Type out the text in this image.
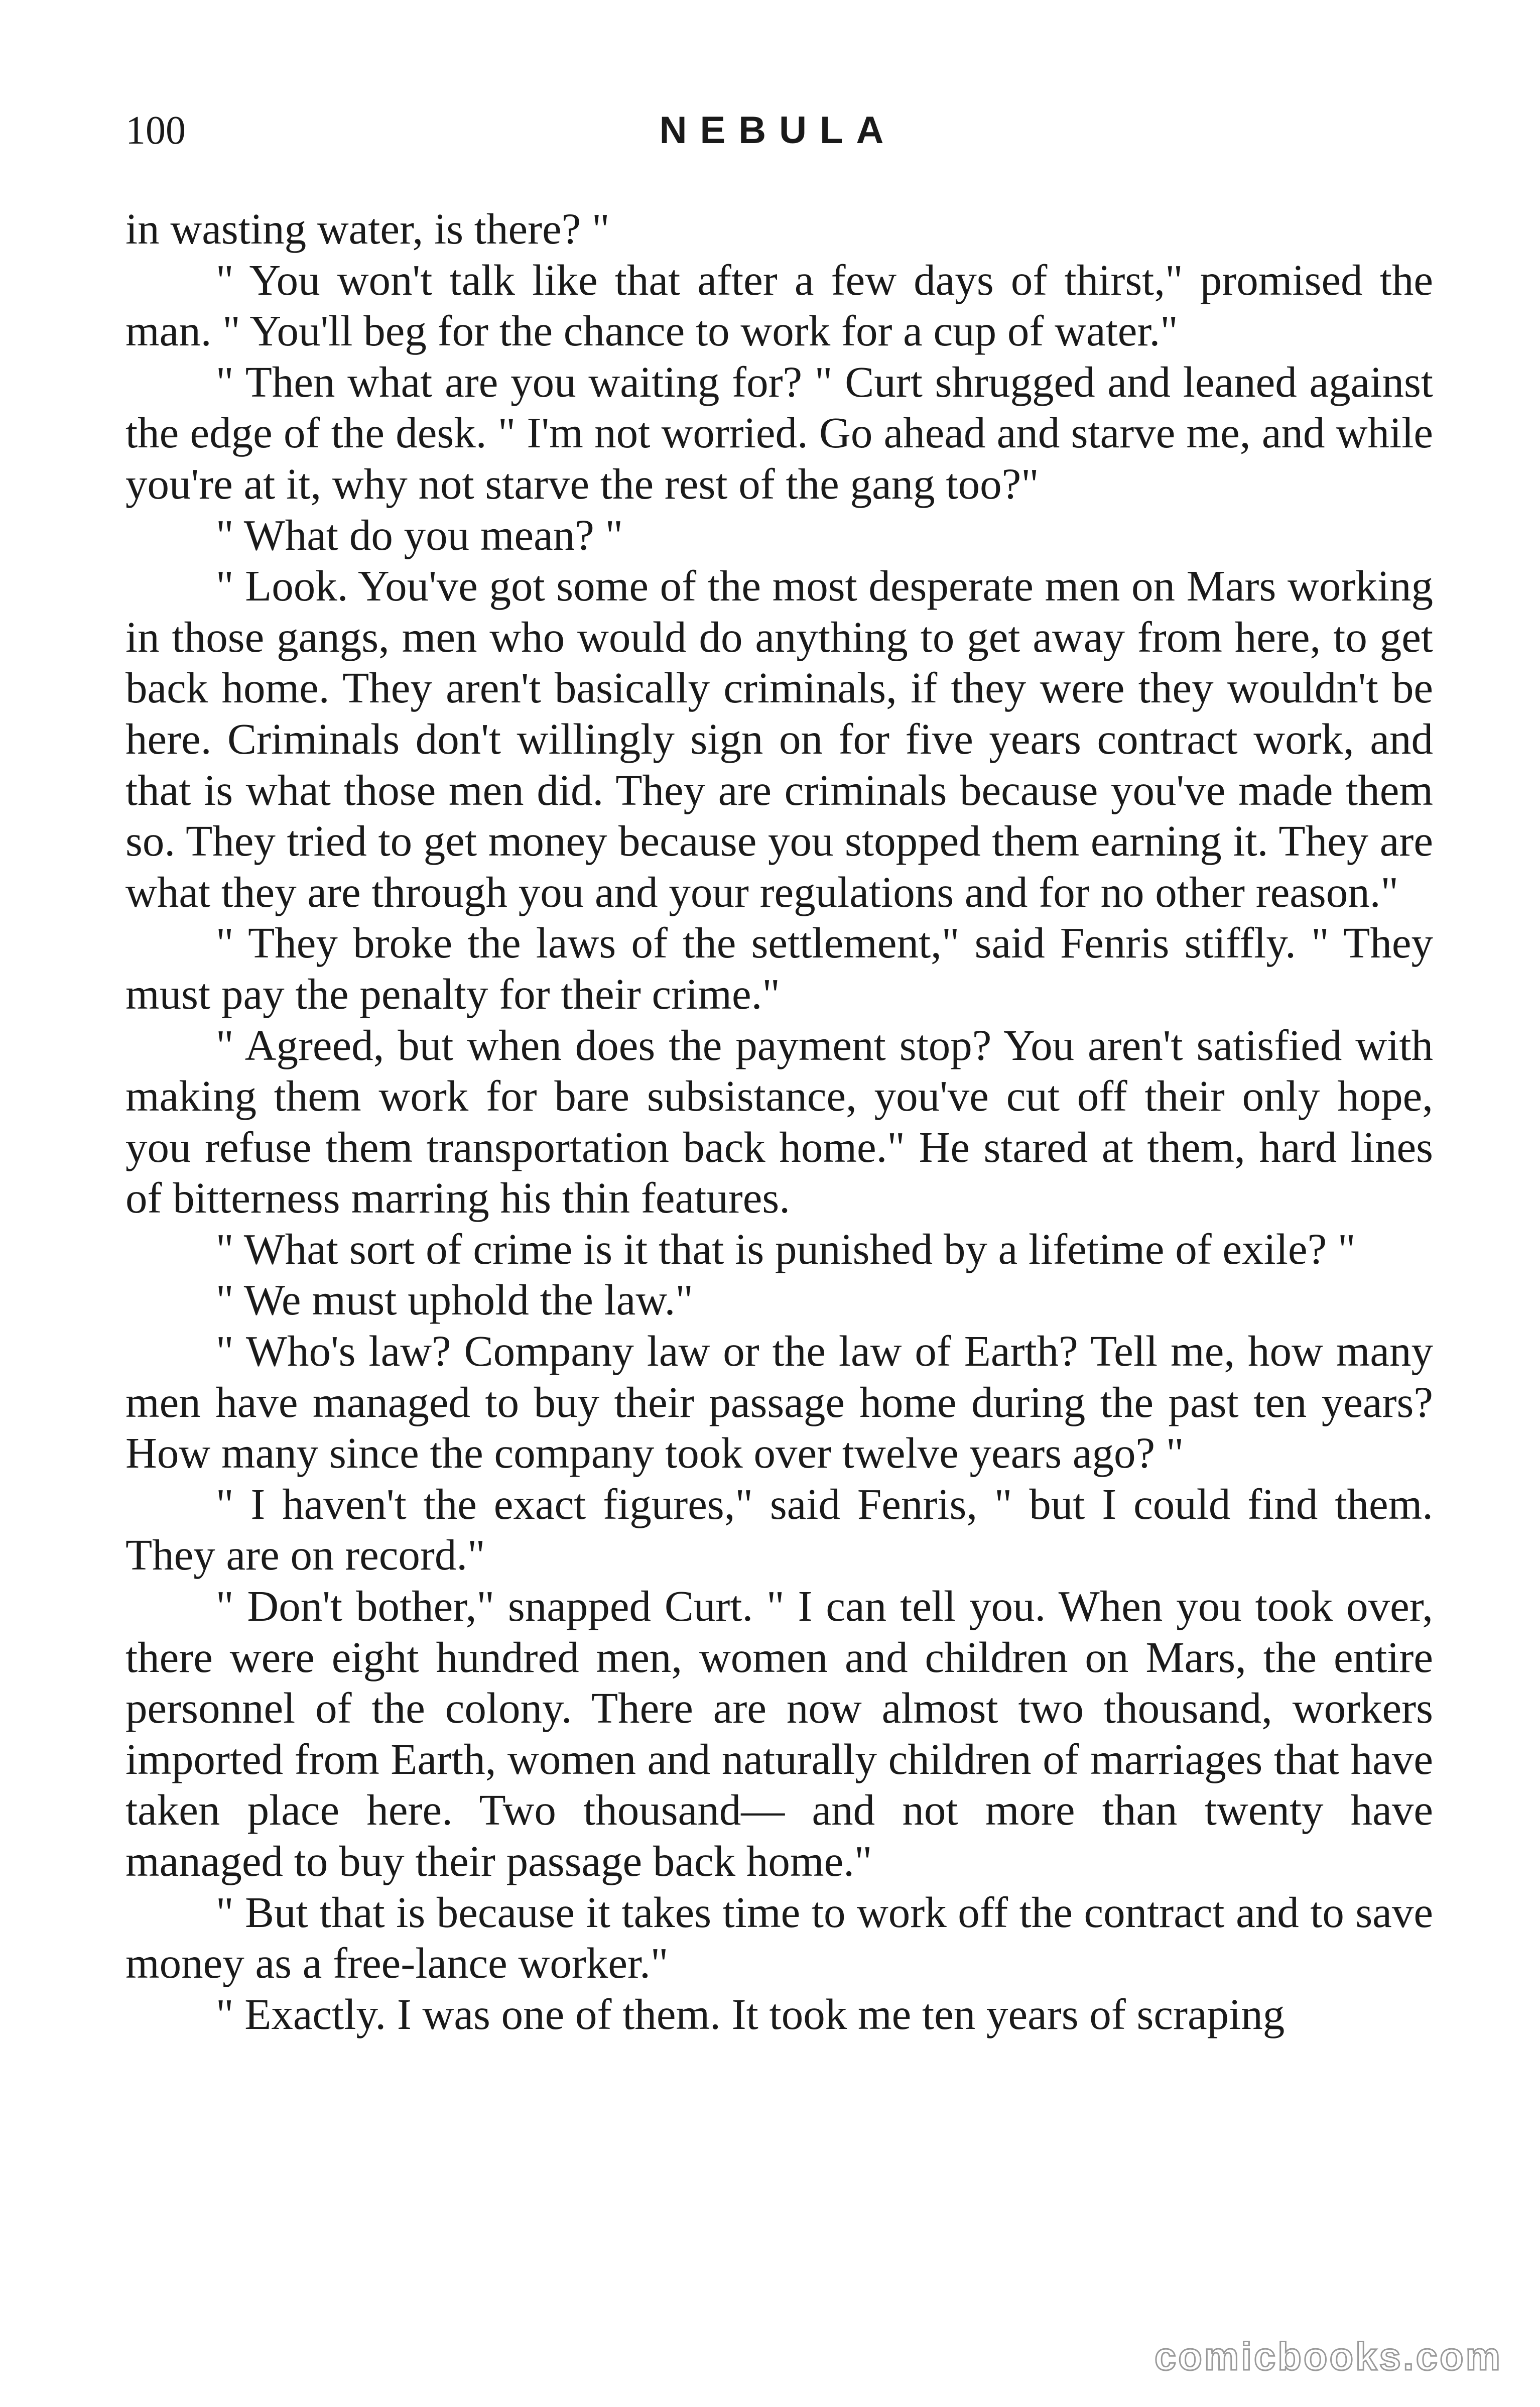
100	NEBULA

in wasting water, is there? "

" You won't talk like that after a few days of thirst," promised the man. " You'll beg for the chance to work for a cup of water."

" Then what are you waiting for? " Curt shrugged and leaned against the edge of the desk. " I'm not worried. Go ahead and starve me, and while you're at it, why not starve the rest of the gang too?"

" What do you mean? "

" Look. You've got some of the most desperate men on Mars working in those gangs, men who would do anything to get away from here, to get back home. They aren't basically criminals, if they were they wouldn't be here. Criminals don't willingly sign on for five years contract work, and that is what those men did. They are criminals because you've made them so. They tried to get money because you stopped them earning it. They are what they are through you and your regulations and for no other reason."

" They broke the laws of the settlement," said Fenris stiffly. " They must pay the penalty for their crime."

" Agreed, but when does the payment stop? You aren't satisfied with making them work for bare subsistance, you've cut off their only hope, you refuse them transportation back home." He stared at them, hard lines of bitterness marring his thin features.

" What sort of crime is it that is punished by a lifetime of exile? "

" We must uphold the law."

" Who's law? Company law or the law of Earth? Tell me, how many men have managed to buy their passage home during the past ten years? How many since the company took over twelve years ago? "

" I haven't the exact figures," said Fenris, " but I could find them. They are on record."

" Don't bother," snapped Curt. " I can tell you. When you took over, there were eight hundred men, women and children on Mars, the entire personnel of the colony. There are now almost two thousand, workers imported from Earth, women and naturally children of marriages that have taken place here. Two thousand— and not more than twenty have managed to buy their passage back home."

" But that is because it takes time to work off the contract and to save money as a free-lance worker."

" Exactly. I was one of them. It took me ten years of scraping

comicbooks.com
